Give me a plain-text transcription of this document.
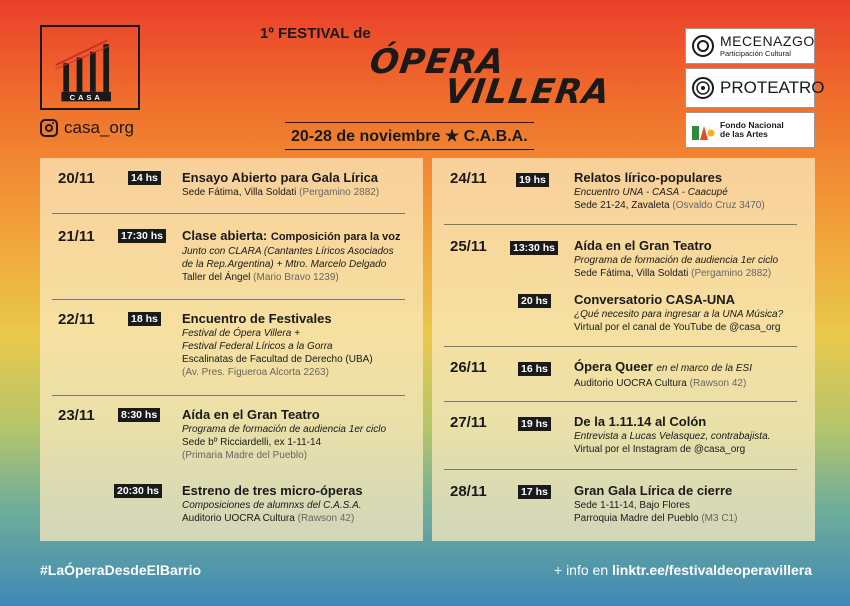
CASA
casa_org
1º FESTIVAL de
ÓPERA
VILLERA
20-28 de noviembre ★ C.A.B.A.
MECENAZGO
Participación Cultural
PROTEATRO
Fondo Nacional
de las Artes
20/11	14 hs Ensayo Abierto para Gala Lírica
Sede Fátima, Villa Soldati (Pergamino 2882)
21/11	17:30 hs Clase abierta: Composición para la voz
Junto con CLARA (Cantantes Líricos Asociados
de la Rep.Argentina) + Mtro. Marcelo Delgado
Taller del Ángel (Mario Bravo 1239)
22/11	18 hs Encuentro de Festivales
Festival de Ópera Villera +
Festival Federal Líricos a la Gorra
Escalinatas de Facultad de Derecho (UBA)
(Av. Pres. Figueroa Alcorta 2263)
23/11	8:30 hs Aída en el Gran Teatro
Programa de formación de audiencia 1er ciclo
Sede bº Ricciardelli, ex 1-11-14
(Primaria Madre del Pueblo)
20:30 hs Estreno de tres micro-óperas
Composiciones de alumnxs del C.A.S.A.
Auditorio UOCRA Cultura (Rawson 42)
24/11	19 hs Relatos lírico-populares
Encuentro UNA - CASA - Caacupé
Sede 21-24, Zavaleta (Osvaldo Cruz 3470)
25/11	13:30 hs Aída en el Gran Teatro
Programa de formación de audiencia 1er ciclo
Sede Fátima, Villa Soldati (Pergamino 2882)
20 hs Conversatorio CASA-UNA
¿Qué necesito para ingresar a la UNA Música?
Virtual por el canal de YouTube de @casa_org
26/11	16 hs Ópera Queer en el marco de la ESI
Auditorio UOCRA Cultura (Rawson 42)
27/11	19 hs De la 1.11.14 al Colón
Entrevista a Lucas Velasquez, contrabajista.
Virtual por el Instagram de @casa_org
28/11	17 hs Gran Gala Lírica de cierre
Sede 1-11-14, Bajo Flores
Parroquia Madre del Pueblo (M3 C1)
#LaÓperaDesdeElBarrio	+ info en linktr.ee/festivaldeoperavillera
